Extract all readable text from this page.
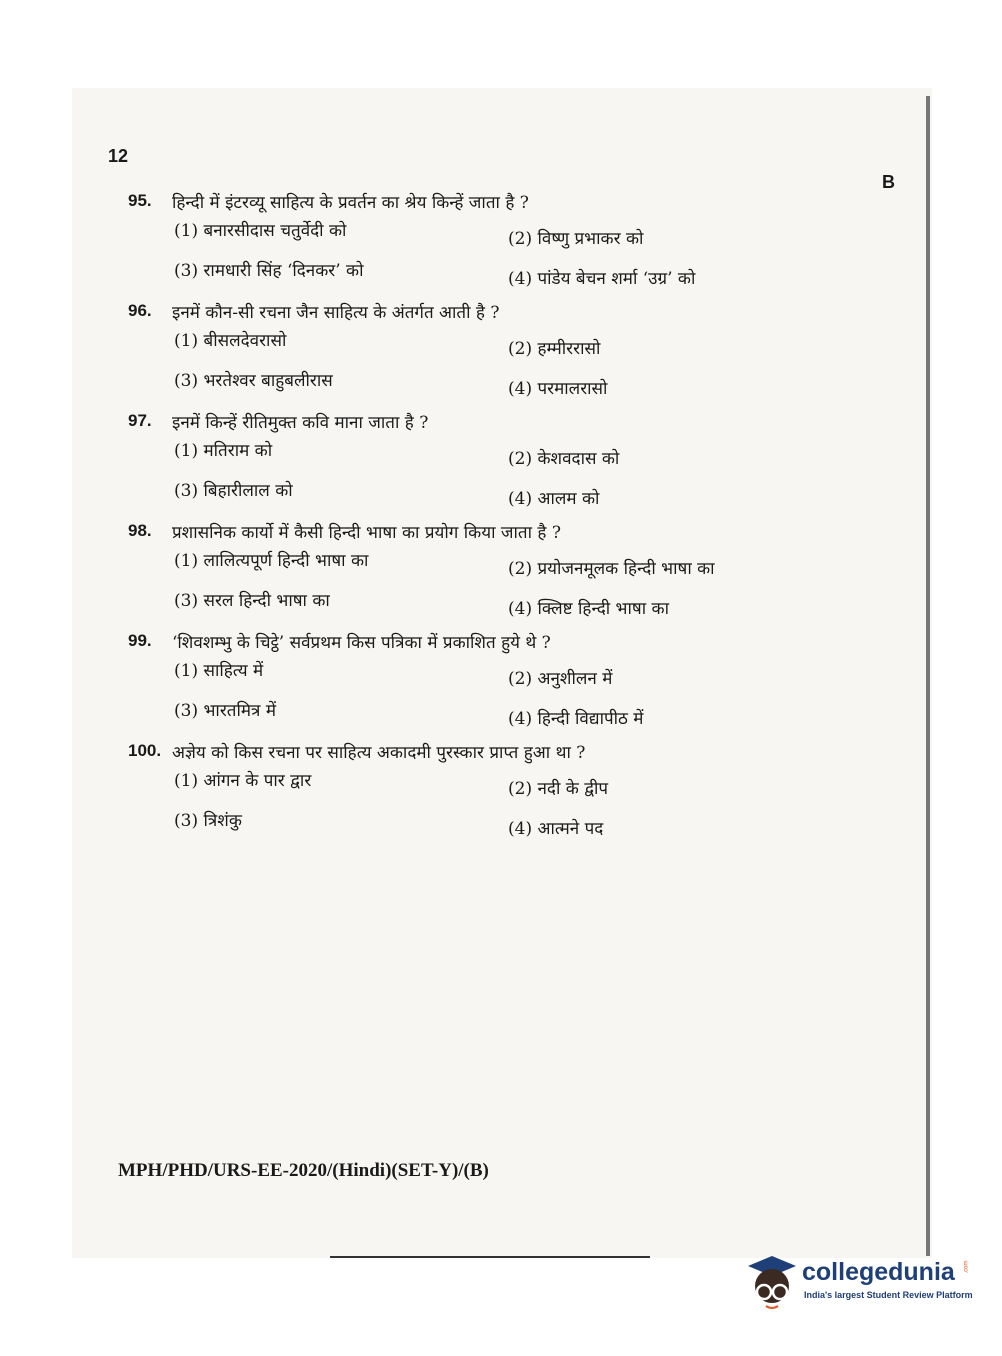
12
B
95.	हिन्दी में इंटरव्यू साहित्य के प्रवर्तन का श्रेय किन्हें जाता है ?
(1) बनारसीदास चतुर्वेदी को	(2) विष्णु प्रभाकर को
(3) रामधारी सिंह ‘दिनकर’ को	(4) पांडेय बेचन शर्मा ‘उग्र’ को
96.	इनमें कौन-सी रचना जैन साहित्य के अंतर्गत आती है ?
(1) बीसलदेवरासो	(2) हम्मीररासो
(3) भरतेश्वर बाहुबलीरास	(4) परमालरासो
97.	इनमें किन्हें रीतिमुक्त कवि माना जाता है ?
(1) मतिराम को	(2) केशवदास को
(3) बिहारीलाल को	(4) आलम को
98.	प्रशासनिक कार्यो में कैसी हिन्दी भाषा का प्रयोग किया जाता है ?
(1) लालित्यपूर्ण हिन्दी भाषा का	(2) प्रयोजनमूलक हिन्दी भाषा का
(3) सरल हिन्दी भाषा का	(4) क्लिष्ट हिन्दी भाषा का
99.	‘शिवशम्भु के चिट्ठे’ सर्वप्रथम किस पत्रिका में प्रकाशित हुये थे ?
(1) साहित्य में	(2) अनुशीलन में
(3) भारतमित्र में	(4) हिन्दी विद्यापीठ में
100. अज्ञेय को किस रचना पर साहित्य अकादमी पुरस्कार प्राप्त हुआ था ?
(1) आंगन के पार द्वार	(2) नदी के द्वीप
(3) त्रिशंकु	(4) आत्मने पद
MPH/PHD/URS-EE-2020/(Hindi)(SET-Y)/(B)
collegedunia .com
India's largest Student Review Platform
